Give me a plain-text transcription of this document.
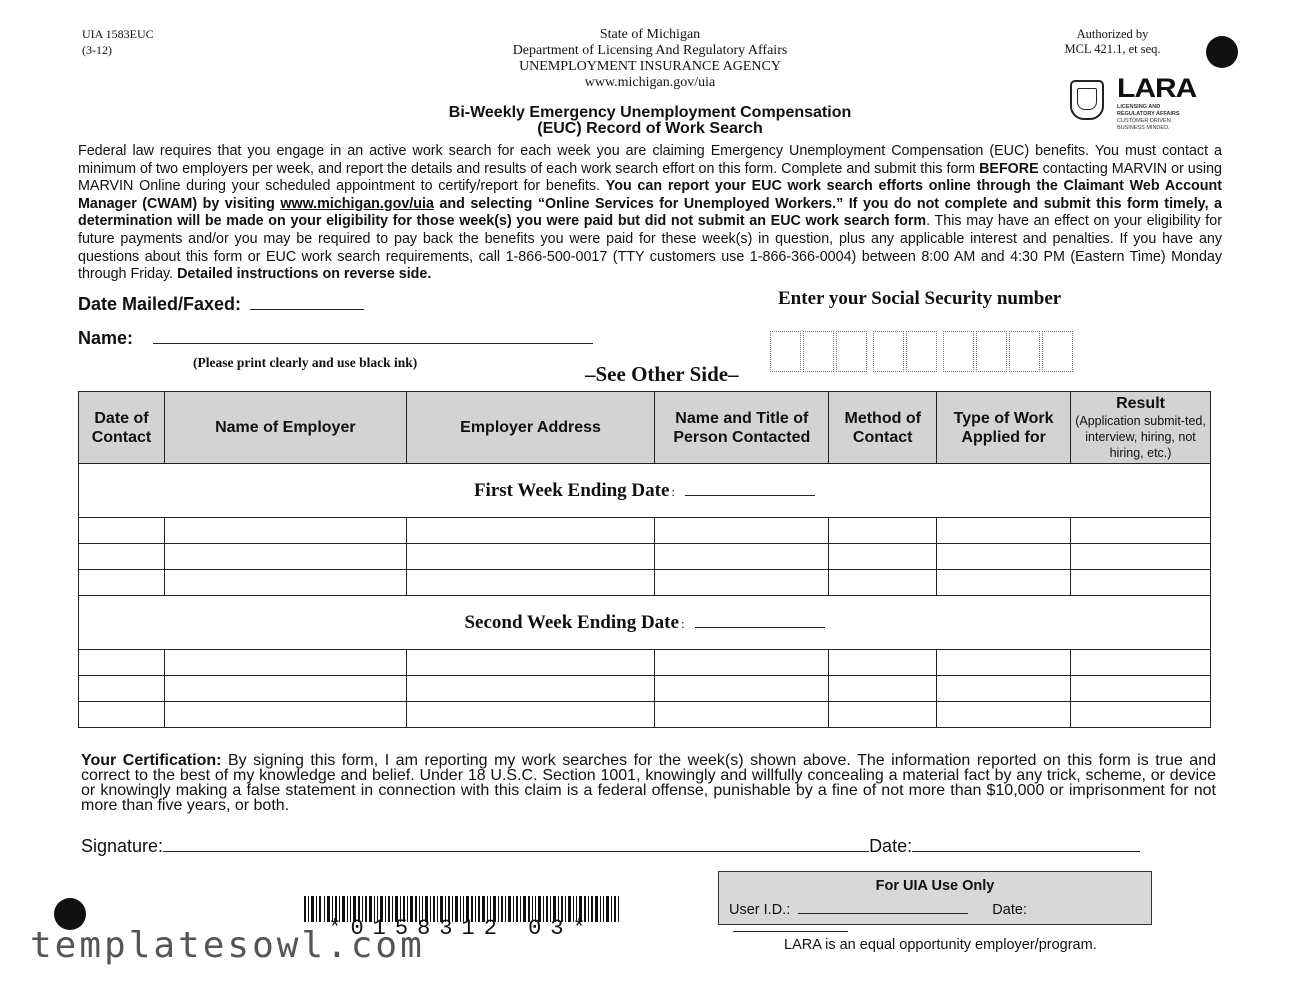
UIA 1583EUC
(3-12)
State of Michigan
Department of Licensing And Regulatory Affairs
UNEMPLOYMENT INSURANCE AGENCY
www.michigan.gov/uia
Authorized by
MCL 421.1, et seq.
LARA
LICENSING AND REGULATORY AFFAIRS
CUSTOMER DRIVEN. BUSINESS MINDED.
Bi-Weekly Emergency Unemployment Compensation
(EUC) Record of Work Search
Federal law requires that you engage in an active work search for each week you are claiming Emergency Unemployment Compensation (EUC) benefits. You must contact a minimum of two employers per week, and report the details and results of each work search effort on this form. Complete and submit this form BEFORE contacting MARVIN or using MARVIN Online during your scheduled appointment to certify/report for benefits. You can report your EUC work search efforts online through the Claimant Web Account Manager (CWAM) by visiting www.michigan.gov/uia and selecting “Online Services for Unemployed Workers.” If you do not complete and submit this form timely, a determination will be made on your eligibility for those week(s) you were paid but did not submit an EUC work search form. This may have an effect on your eligibility for future payments and/or you may be required to pay back the benefits you were paid for these week(s) in question, plus any applicable interest and penalties. If you have any questions about this form or EUC work search requirements, call 1-866-500-0017 (TTY customers use 1-866-366-0004) between 8:00 AM and 4:30 PM (Eastern Time) Monday through Friday. Detailed instructions on reverse side.
Date Mailed/Faxed:
Name:
(Please print clearly and use black ink)
Enter your Social Security number
–See Other Side–
Date of Contact	Name of Employer	Employer Address	Name and Title of Person Contacted	Method of Contact	Type of Work Applied for	Result
(Application submit-ted, interview, hiring, not hiring, etc.)

First Week Ending Date :						

Second Week Ending Date :						

Your Certification: By signing this form, I am reporting my work searches for the week(s) shown above. The information reported on this form is true and correct to the best of my knowledge and belief. Under 18 U.S.C. Section 1001, knowingly and willfully concealing a material fact by any trick, scheme, or device or knowingly making a false statement in connection with this claim is a federal offense, punishable by a fine of not more than $10,000 or imprisonment for not more than five years, or both.
Signature:	Date:
For UIA Use Only
User I.D.:	Date:
LARA is an equal opportunity employer/program.
*0158312 03*
templatesowl.com
